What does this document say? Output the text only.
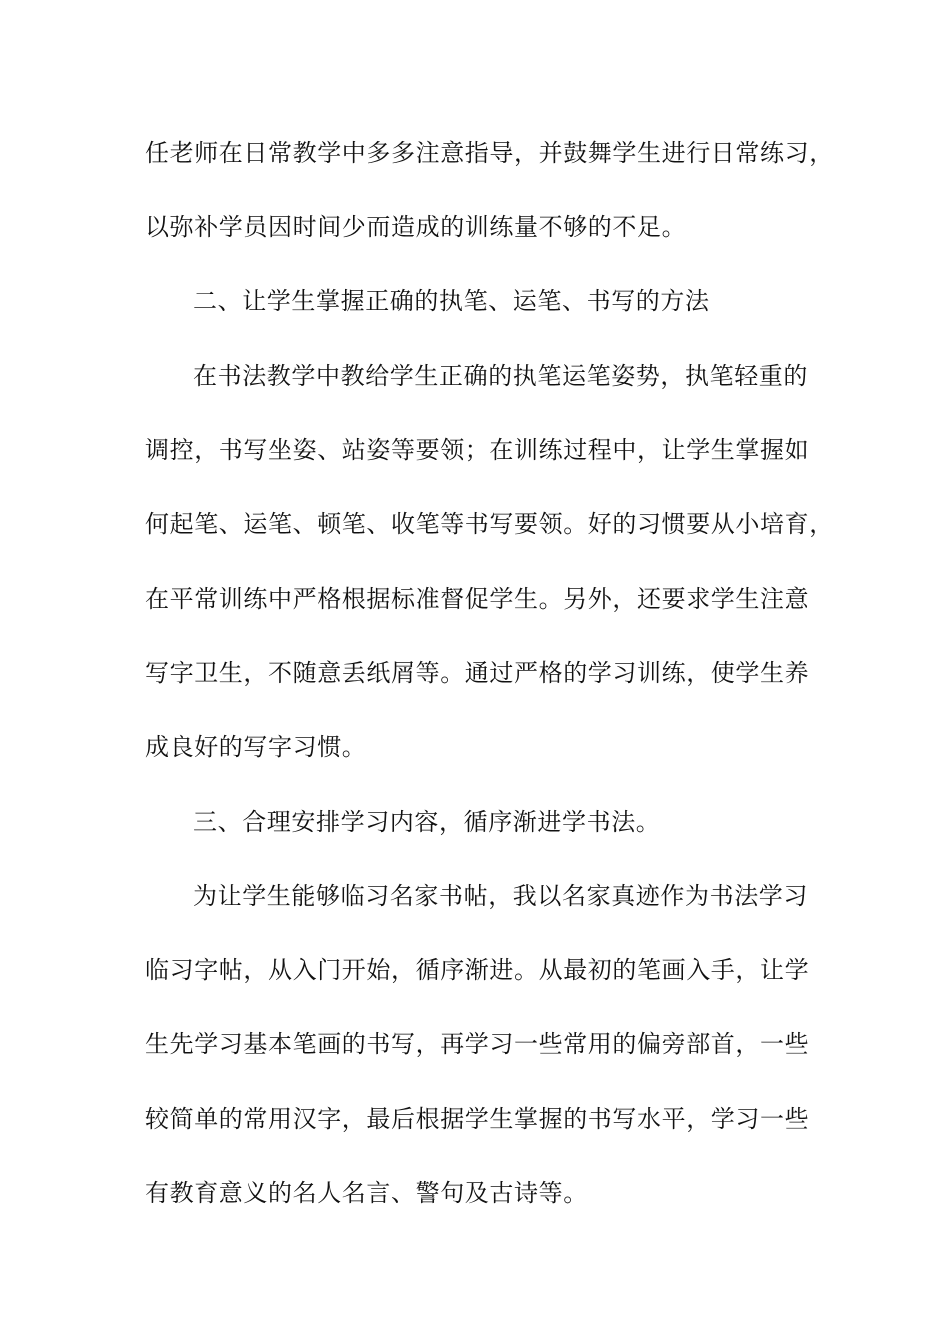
任老师在日常教学中多多注意指导，并鼓舞学生进行日常练习，

以弥补学员因时间少而造成的训练量不够的不足。

二、让学生掌握正确的执笔、运笔、书写的方法

在书法教学中教给学生正确的执笔运笔姿势，执笔轻重的

调控，书写坐姿、站姿等要领；在训练过程中，让学生掌握如

何起笔、运笔、顿笔、收笔等书写要领。好的习惯要从小培育，

在平常训练中严格根据标准督促学生。另外，还要求学生注意

写字卫生，不随意丢纸屑等。通过严格的学习训练，使学生养

成良好的写字习惯。

三、合理安排学习内容，循序渐进学书法。

为让学生能够临习名家书帖，我以名家真迹作为书法学习

临习字帖，从入门开始，循序渐进。从最初的笔画入手，让学

生先学习基本笔画的书写，再学习一些常用的偏旁部首，一些

较简单的常用汉字，最后根据学生掌握的书写水平，学习一些

有教育意义的名人名言、警句及古诗等。
